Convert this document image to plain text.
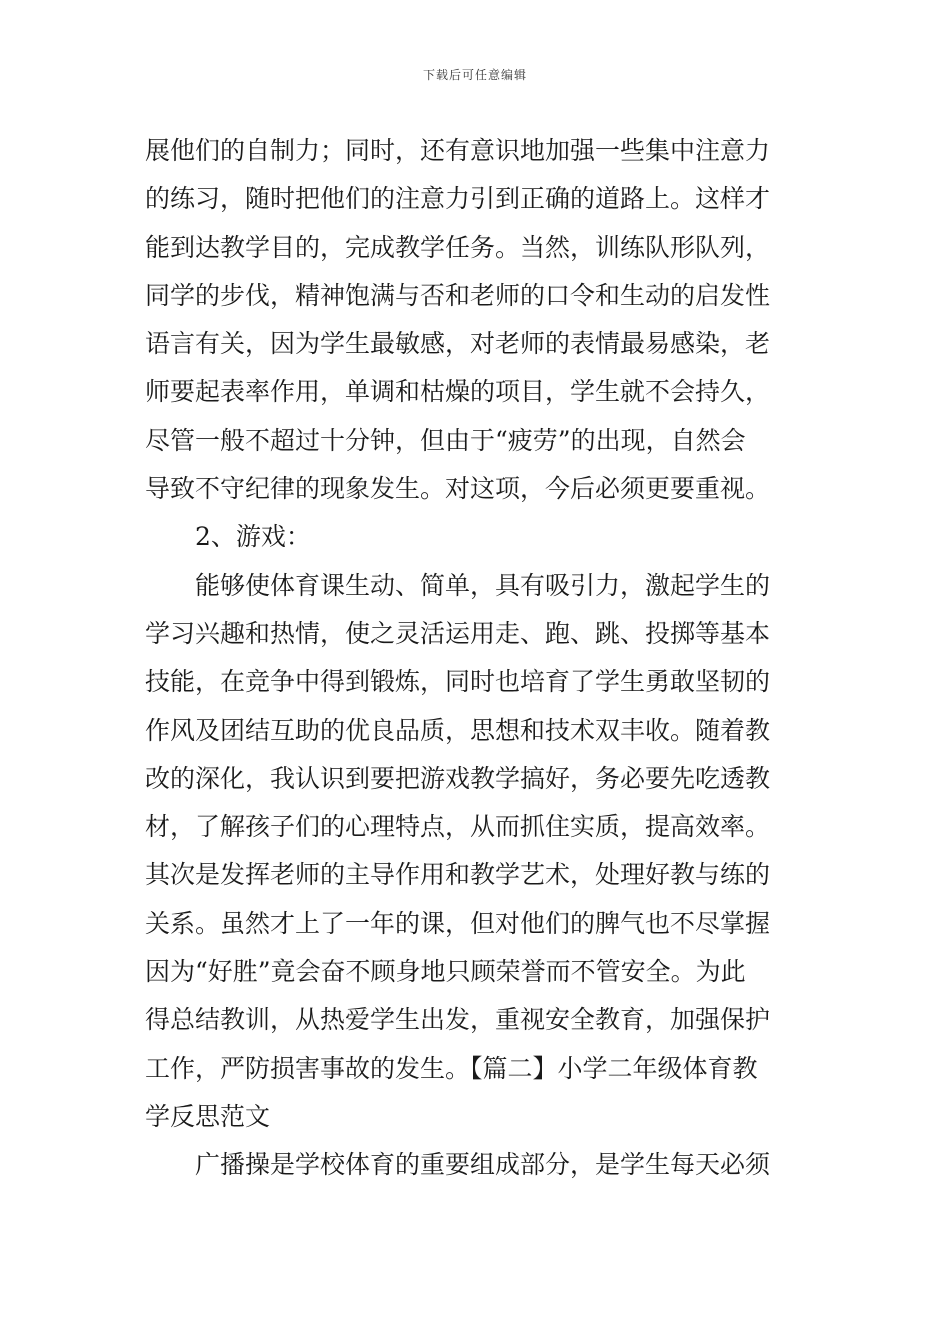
下载后可任意编辑
展他们的自制力；同时，还有意识地加强一些集中注意力
的练习，随时把他们的注意力引到正确的道路上。这样才
能到达教学目的，完成教学任务。当然，训练队形队列，
同学的步伐，精神饱满与否和老师的口令和生动的启发性
语言有关，因为学生最敏感，对老师的表情最易感染，老
师要起表率作用，单调和枯燥的项目，学生就不会持久，
尽管一般不超过十分钟，但由于“疲劳”的出现，自然会
导致不守纪律的现象发生。对这项，今后必须更要重视。
2、游戏：
能够使体育课生动、简单，具有吸引力，激起学生的
学习兴趣和热情，使之灵活运用走、跑、跳、投掷等基本
技能，在竞争中得到锻炼，同时也培育了学生勇敢坚韧的
作风及团结互助的优良品质，思想和技术双丰收。随着教
改的深化，我认识到要把游戏教学搞好，务必要先吃透教
材，了解孩子们的心理特点，从而抓住实质，提高效率。
其次是发挥老师的主导作用和教学艺术，处理好教与练的
关系。虽然才上了一年的课，但对他们的脾气也不尽掌握
因为“好胜”竟会奋不顾身地只顾荣誉而不管安全。为此
得总结教训，从热爱学生出发，重视安全教育，加强保护
工作，严防损害事故的发生。【篇二】小学二年级体育教
学反思范文
广播操是学校体育的重要组成部分，是学生每天必须
